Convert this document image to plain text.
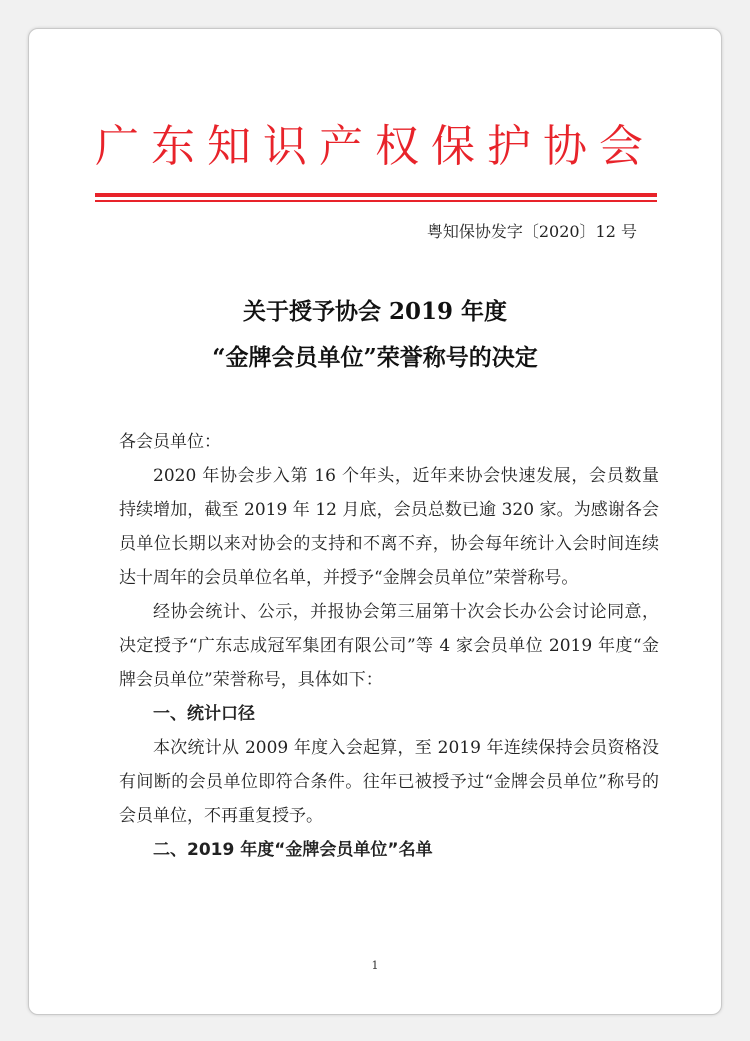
广东知识产权保护协会
粤知保协发字〔2020〕12 号
关于授予协会 2019 年度
“金牌会员单位”荣誉称号的决定

各会员单位：

2020 年协会步入第 16 个年头，近年来协会快速发展，会员数量持续增加，截至 2019 年 12 月底，会员总数已逾 320 家。为感谢各会员单位长期以来对协会的支持和不离不弃，协会每年统计入会时间连续达十周年的会员单位名单，并授予“金牌会员单位”荣誉称号。

经协会统计、公示，并报协会第三届第十次会长办公会讨论同意，决定授予“广东志成冠军集团有限公司”等 4 家会员单位 2019 年度“金牌会员单位”荣誉称号，具体如下：

一、统计口径

本次统计从 2009 年度入会起算，至 2019 年连续保持会员资格没有间断的会员单位即符合条件。往年已被授予过“金牌会员单位”称号的会员单位，不再重复授予。

二、2019 年度“金牌会员单位”名单

1
